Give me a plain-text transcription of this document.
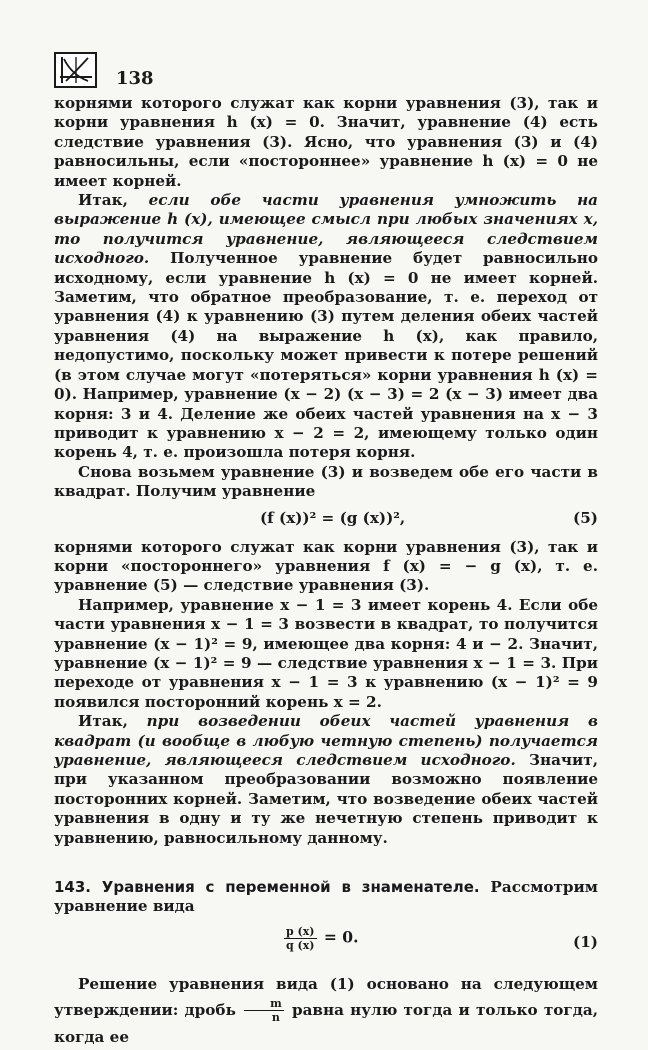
138

корнями которого служат как корни уравнения (3), так и корни уравнения h (x) = 0. Значит, уравнение (4) есть следствие уравнения (3). Ясно, что уравнения (3) и (4) равносильны, если «постороннее» уравнение h (x) = 0 не имеет корней.

Итак, если обе части уравнения умножить на выражение h (x), имеющее смысл при любых значениях x, то получится уравнение, являющееся следствием исходного. Полученное уравнение будет равносильно исходному, если уравнение h (x) = 0 не имеет корней. Заметим, что обратное преобразование, т. е. переход от уравнения (4) к уравнению (3) путем деления обеих частей уравнения (4) на выражение h (x), как правило, недопустимо, поскольку может привести к потере решений (в этом случае могут «потеряться» корни уравнения h (x) = 0). Например, уравнение (x − 2) (x − 3) = 2 (x − 3) имеет два корня: 3 и 4. Деление же обеих частей уравнения на x − 3 приводит к уравнению x − 2 = 2, имеющему только один корень 4, т. е. произошла потеря корня.

Снова возьмем уравнение (3) и возведем обе его части в квадрат. Получим уравнение

(f (x))² = (g (x))²,	(5)

корнями которого служат как корни уравнения (3), так и корни «постороннего» уравнения f (x) = − g (x), т. е. уравнение (5) — следствие уравнения (3).

Например, уравнение x − 1 = 3 имеет корень 4. Если обе части уравнения x − 1 = 3 возвести в квадрат, то получится уравнение (x − 1)² = 9, имеющее два корня: 4 и − 2. Значит, уравнение (x − 1)² = 9 — следствие уравнения x − 1 = 3. При переходе от уравнения x − 1 = 3 к уравнению (x − 1)² = 9 появился посторонний корень x = 2.

Итак, при возведении обеих частей уравнения в квадрат (и вообще в любую четную степень) получается уравнение, являющееся следствием исходного. Значит, при указанном преобразовании возможно появление посторонних корней. Заметим, что возведение обеих частей уравнения в одну и ту же нечетную степень приводит к уравнению, равносильному данному.

143. Уравнения с переменной в знаменателе. Рассмотрим уравнение вида

$\frac{p (x)}{q (x)} = 0$.	(1)

Решение уравнения вида (1) основано на следующем утверждении: дробь $\frac{m}{n}$ равна нулю тогда и только тогда, когда ее
